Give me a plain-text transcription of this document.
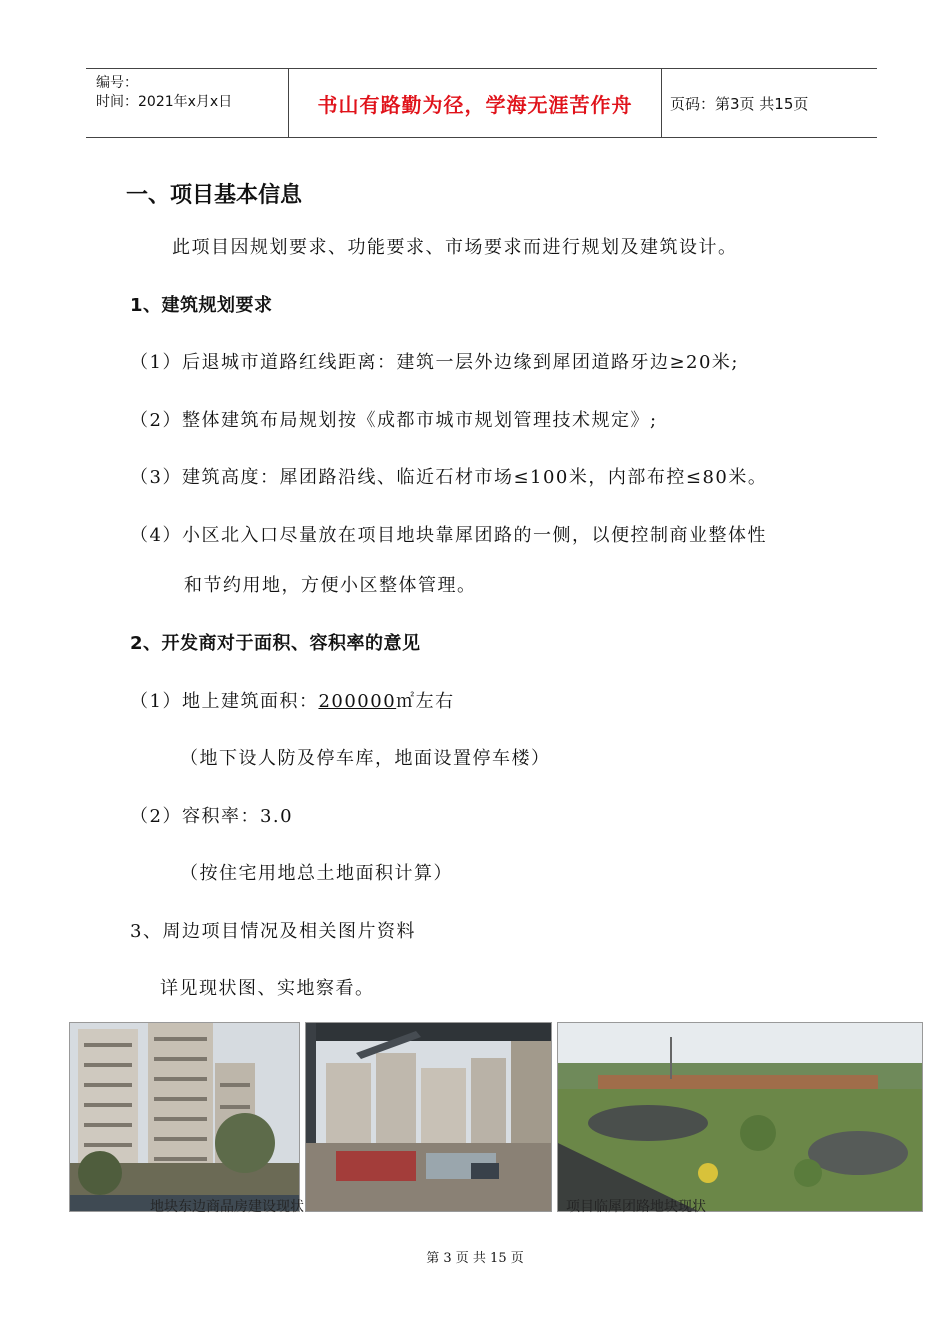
编号：
时间：2021年x月x日	书山有路勤为径，学海无涯苦作舟	页码：第3页 共15页
一、项目基本信息
此项目因规划要求、功能要求、市场要求而进行规划及建筑设计。
1、建筑规划要求
（1）后退城市道路红线距离：建筑一层外边缘到犀团道路牙边≥20米;
（2）整体建筑布局规划按《成都市城市规划管理技术规定》;
（3）建筑高度：犀团路沿线、临近石材市场≤100米，内部布控≤80米。
（4）小区北入口尽量放在项目地块靠犀团路的一侧，以便控制商业整体性
和节约用地，方便小区整体管理。
2、开发商对于面积、容积率的意见
（1）地上建筑面积：200000㎡左右
（地下设人防及停车库，地面设置停车楼）
（2）容积率：3.0
（按住宅用地总土地面积计算）
3、周边项目情况及相关图片资料
详见现状图、实地察看。
地块东边商品房建设现状	项目临犀团路地块现状
第 3 页 共 15 页
